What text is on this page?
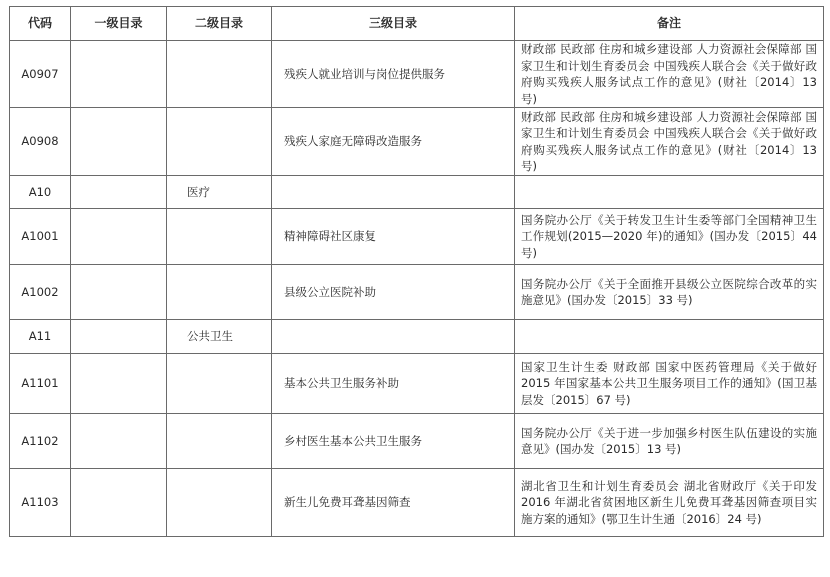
代码	一级目录	二级目录	三级目录	备注
A0907			残疾人就业培训与岗位提供服务	财政部 民政部 住房和城乡建设部 人力资源社会保障部 国家卫生和计划生育委员会 中国残疾人联合会《关于做好政府购买残疾人服务试点工作的意见》(财社〔2014〕13 号)
A0908			残疾人家庭无障碍改造服务	财政部 民政部 住房和城乡建设部 人力资源社会保障部 国家卫生和计划生育委员会 中国残疾人联合会《关于做好政府购买残疾人服务试点工作的意见》(财社〔2014〕13 号)
A10		医疗		
A1001			精神障碍社区康复	国务院办公厅《关于转发卫生计生委等部门全国精神卫生工作规划(2015—2020 年)的通知》(国办发〔2015〕44 号)
A1002			县级公立医院补助	国务院办公厅《关于全面推开县级公立医院综合改革的实施意见》(国办发〔2015〕33 号)
A11		公共卫生		
A1101			基本公共卫生服务补助	国家卫生计生委 财政部 国家中医药管理局《关于做好 2015 年国家基本公共卫生服务项目工作的通知》(国卫基层发〔2015〕67 号)
A1102			乡村医生基本公共卫生服务	国务院办公厅《关于进一步加强乡村医生队伍建设的实施意见》(国办发〔2015〕13 号)
A1103			新生儿免费耳聋基因筛查	湖北省卫生和计划生育委员会 湖北省财政厅《关于印发 2016 年湖北省贫困地区新生儿免费耳聋基因筛查项目实施方案的通知》(鄂卫生计生通〔2016〕24 号)
